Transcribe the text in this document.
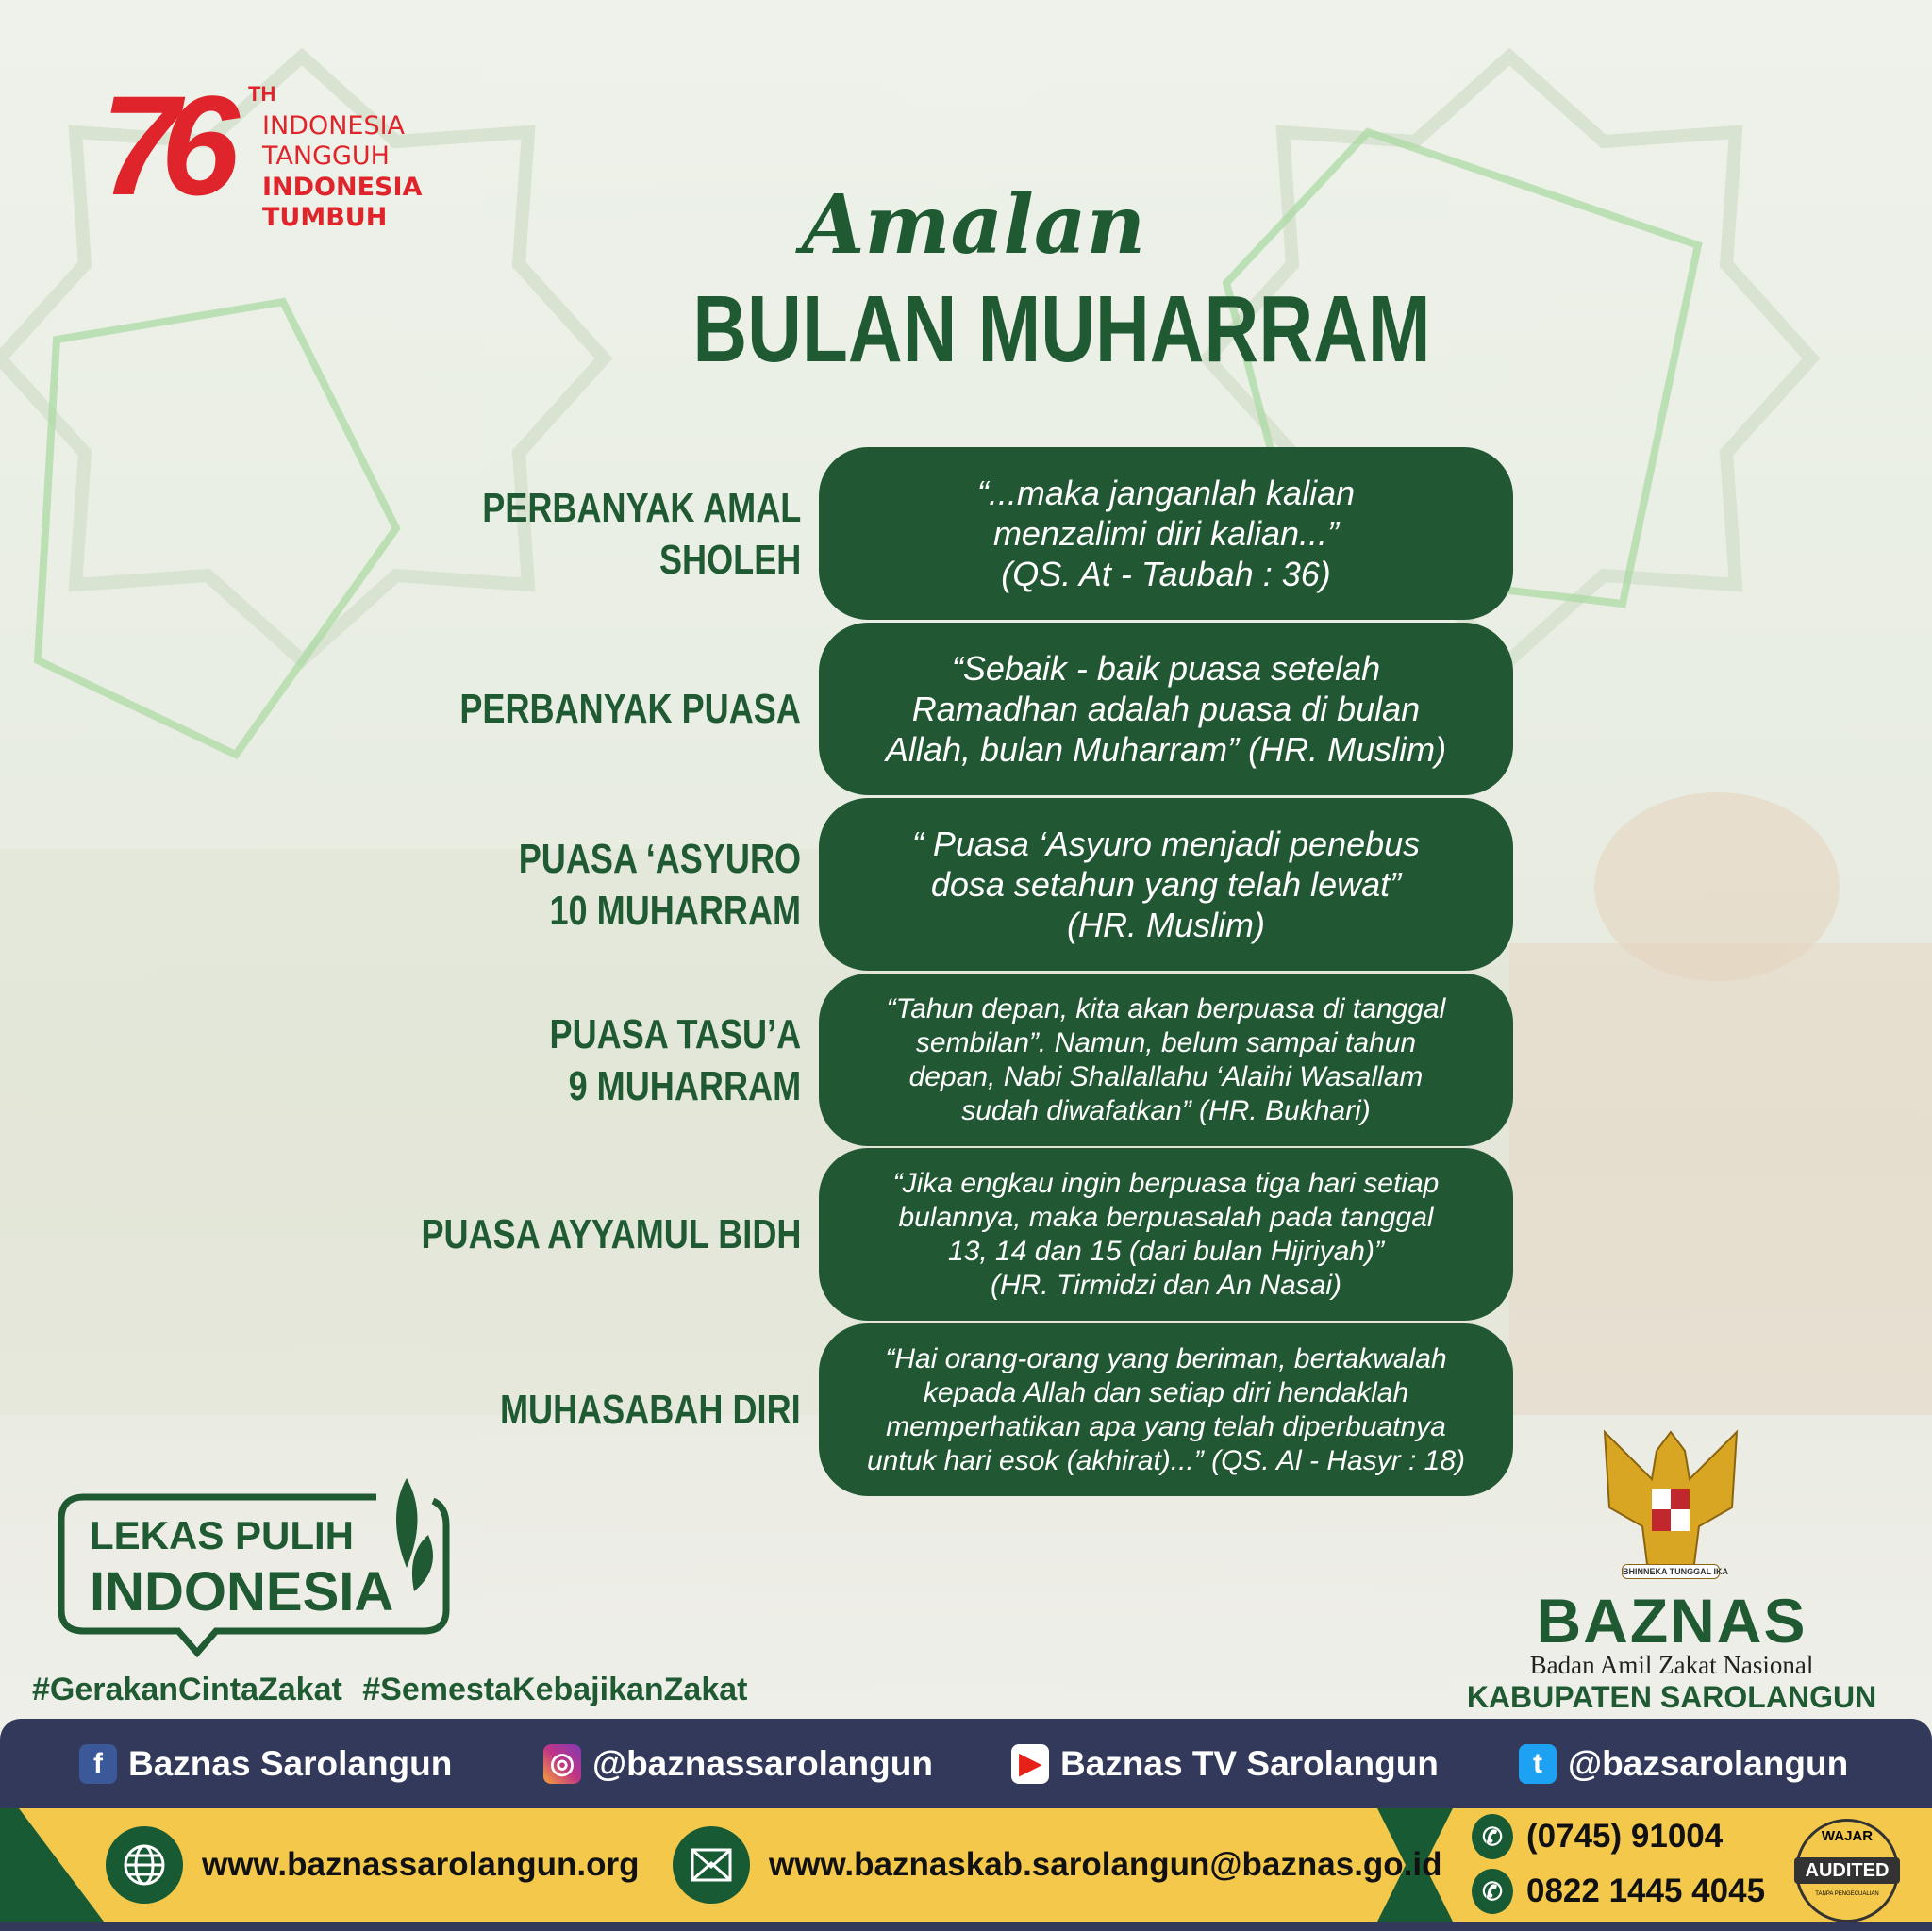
76 TH
INDONESIA
TANGGUH
INDONESIA
TUMBUH	Amalan
BULAN MUHARRAM
PERBANYAK AMAL
SHOLEH
“...maka janganlah kalian
menzalimi diri kalian...”
(QS. At - Taubah : 36)
PERBANYAK PUASA
“Sebaik - baik puasa setelah
Ramadhan adalah puasa di bulan
Allah, bulan Muharram” (HR. Muslim)
PUASA ‘ASYURO
10 MUHARRAM
“ Puasa ‘Asyuro menjadi penebus
dosa setahun yang telah lewat”
(HR. Muslim)
PUASA TASU’A
9 MUHARRAM
“Tahun depan, kita akan berpuasa di tanggal
sembilan”. Namun, belum sampai tahun
depan, Nabi Shallallahu ‘Alaihi Wasallam
sudah diwafatkan” (HR. Bukhari)
PUASA AYYAMUL BIDH
“Jika engkau ingin berpuasa tiga hari setiap
bulannya, maka berpuasalah pada tanggal
13, 14 dan 15 (dari bulan Hijriyah)”
(HR. Tirmidzi dan An Nasai)
MUHASABAH DIRI
“Hai orang-orang yang beriman, bertakwalah
kepada Allah dan setiap diri hendaklah
memperhatikan apa yang telah diperbuatnya
untuk hari esok (akhirat)...” (QS. Al - Hasyr : 18)
LEKAS PULIH
INDONESIA
#GerakanCintaZakat #SemestaKebajikanZakat
BHINNEKA TUNGGAL IKA
BAZNAS
Badan Amil Zakat Nasional
KABUPATEN SAROLANGUN
f Baznas Sarolangun	◎ @baznassarolangun	▶ Baznas TV Sarolangun	t @bazsarolangun
www.baznassarolangun.org	www.baznaskab.sarolangun@baznas.go.id
✆ (0745) 91004
✆ 0822 1445 4045
WAJAR
AUDITED
TANPA PENGECUALIAN
